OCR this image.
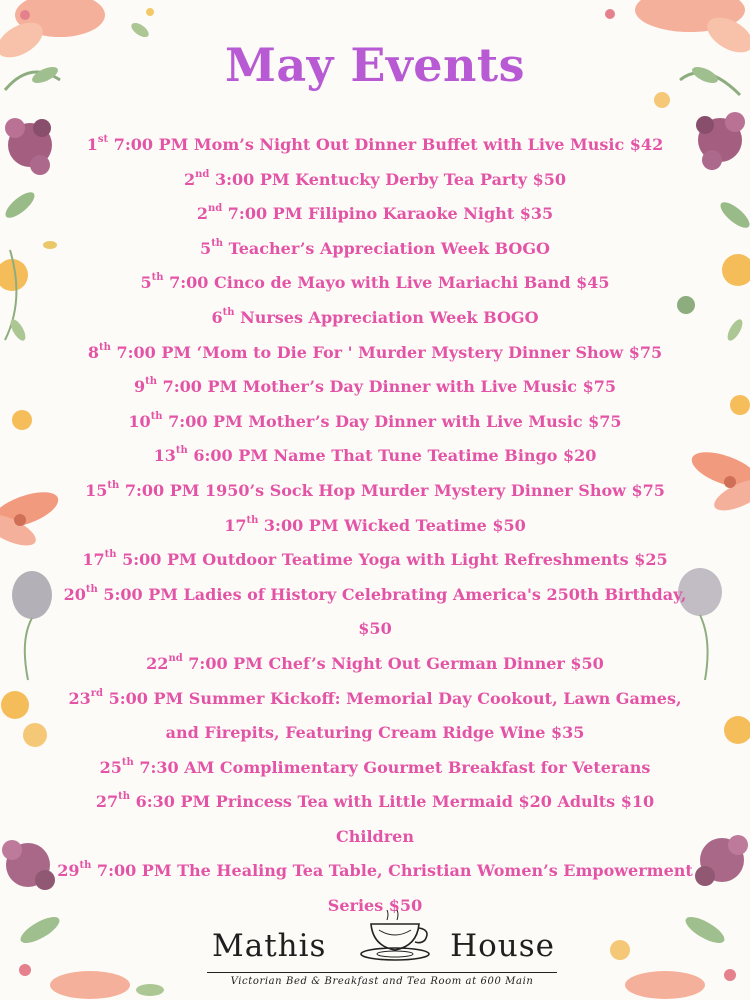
May Events
1st 7:00 PM Mom’s Night Out Dinner Buffet with Live Music $42
2nd 3:00 PM Kentucky Derby Tea Party $50
2nd 7:00 PM Filipino Karaoke Night $35
5th Teacher’s Appreciation Week BOGO
5th 7:00 Cinco de Mayo with Live Mariachi Band $45
6th Nurses Appreciation Week BOGO
8th 7:00 PM ‘Mom to Die For ' Murder Mystery Dinner Show $75
9th 7:00 PM Mother’s Day Dinner with Live Music $75
10th 7:00 PM Mother’s Day Dinner with Live Music $75
13th 6:00 PM Name That Tune Teatime Bingo $20
15th 7:00 PM 1950’s Sock Hop Murder Mystery Dinner Show $75
17th 3:00 PM Wicked Teatime $50
17th 5:00 PM Outdoor Teatime Yoga with Light Refreshments $25
20th 5:00 PM Ladies of History Celebrating America's 250th Birthday, $50
22nd 7:00 PM Chef’s Night Out German Dinner $50
23rd 5:00 PM Summer Kickoff: Memorial Day Cookout, Lawn Games, and Firepits, Featuring Cream Ridge Wine $35
25th 7:30 AM Complimentary Gourmet Breakfast for Veterans
27th 6:30 PM Princess Tea with Little Mermaid $20 Adults $10 Children
29th 7:00 PM The Healing Tea Table, Christian Women’s Empowerment Series $50
Mathis	House
Victorian Bed & Breakfast and Tea Room at 600 Main
